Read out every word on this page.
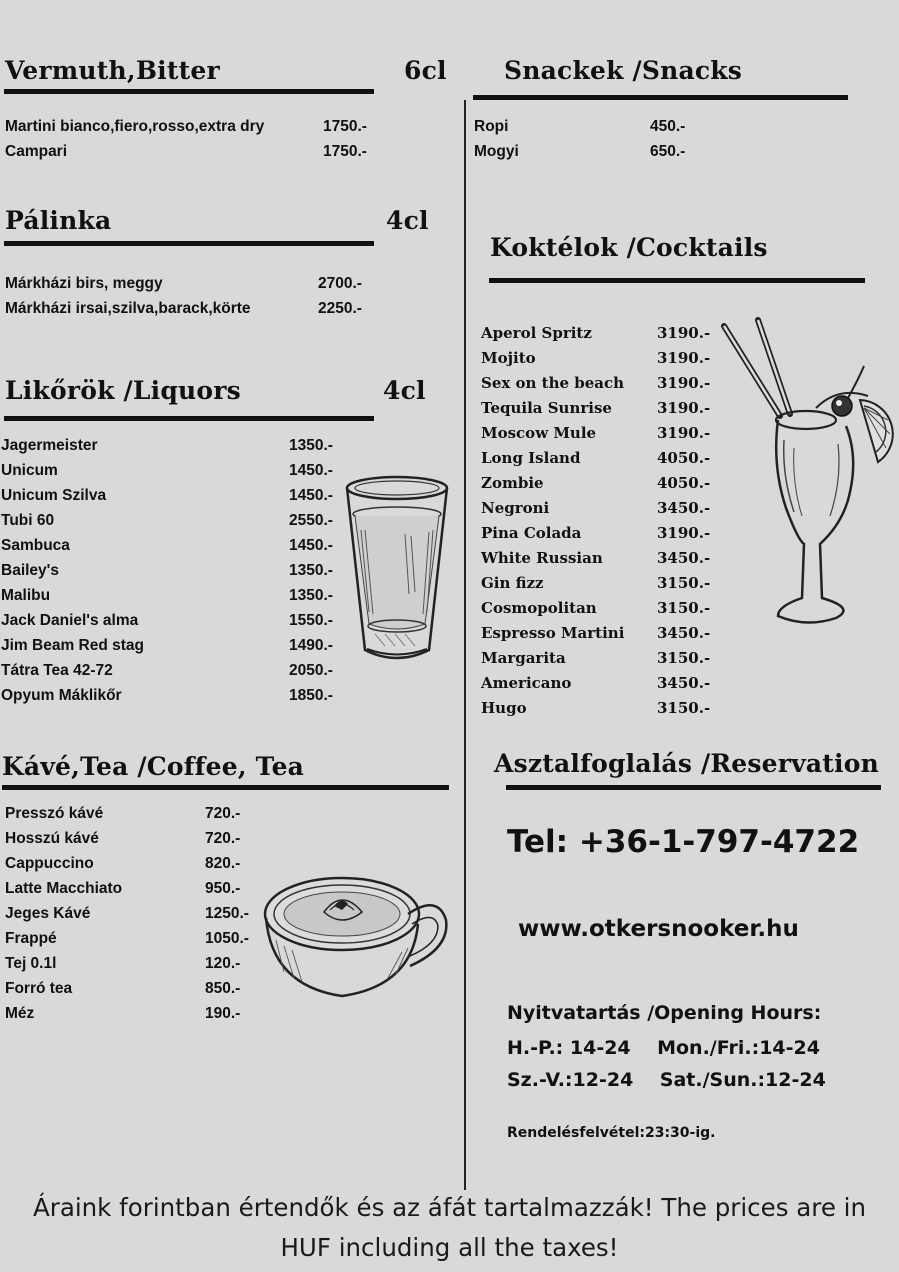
Vermuth,Bitter	6cl
Martini bianco,fiero,rosso,extra dry	1750.-
Campari	1750.-
Pálinka	4cl
Márkházi birs, meggy	2700.-
Márkházi irsai,szilva,barack,körte	2250.-
Likőrök /Liquors	4cl
Jagermeister	1350.-
Unicum	1450.-
Unicum Szilva	1450.-
Tubi 60	2550.-
Sambuca	1450.-
Bailey's	1350.-
Malibu	1350.-
Jack Daniel's alma	1550.-
Jim Beam Red stag	1490.-
Tátra Tea 42-72	2050.-
Opyum Máklikőr	1850.-
Kávé,Tea /Coffee, Tea
Presszó kávé	720.-
Hosszú kávé	720.-
Cappuccino	820.-
Latte Macchiato	950.-
Jeges Kávé	1250.-
Frappé	1050.-
Tej 0.1l	120.-
Forró tea	850.-
Méz	190.-
Snackek /Snacks
Ropi	450.-
Mogyi	650.-
Koktélok /Cocktails
Aperol Spritz	3190.-
Mojito	3190.-
Sex on the beach 3190.-
Tequila Sunrise	3190.-
Moscow Mule	3190.-
Long Island	4050.-
Zombie	4050.-
Negroni	3450.-
Pina Colada	3190.-
White Russian	3450.-
Gin fizz	3150.-
Cosmopolitan	3150.-
Espresso Martini 3450.-
Margarita	3150.-
Americano	3450.-
Hugo	3150.-
Asztalfoglalás /Reservation
Tel: +36-1-797-4722
www.otkersnooker.hu
Nyitvatartás /Opening Hours:
H.-P.: 14-24    Mon./Fri.:14-24
Sz.-V.:12-24    Sat./Sun.:12-24
Rendelésfelvétel:23:30-ig.
Áraink forintban értendők és az áfát tartalmazzák! The prices are in
HUF including all the taxes!
